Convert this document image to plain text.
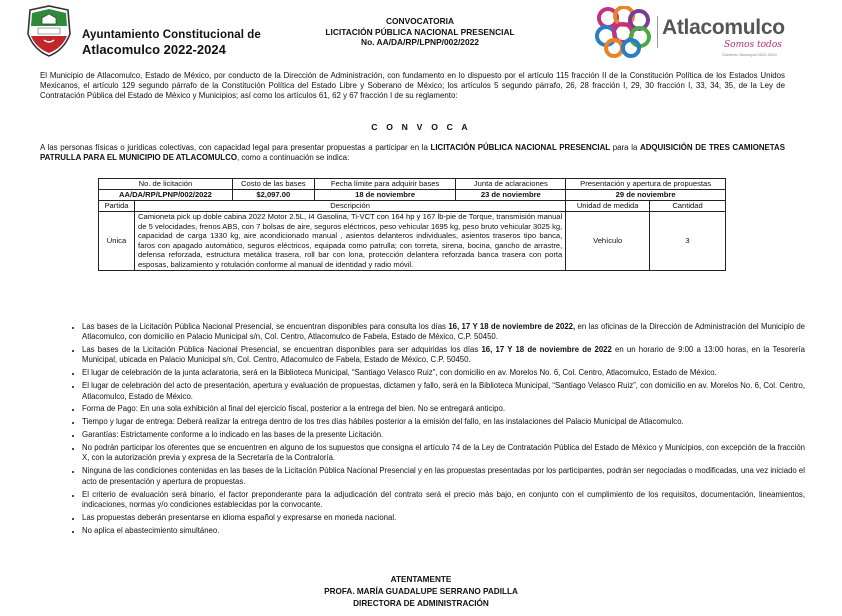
Ayuntamiento Constitucional de
Atlacomulco 2022-2024
CONVOCATORIA
LICITACIÓN PÚBLICA NACIONAL PRESENCIAL
No. AA/DA/RP/LPNP/002/2022
Atlacomulco
Somos todos
Gobierno Municipal 2022-2024
El Municipio de Atlacomulco, Estado de México, por conducto de la Dirección de Administración, con fundamento en lo dispuesto por el artículo 115 fracción II de la Constitución Política de los Estados Unidos Mexicanos, el artículo 129 segundo párrafo de la Constitución Política del Estado Libre y Soberano de México; los artículos 5 segundo párrafo, 26, 28 fracción I, 29, 30 fracción I, 33, 34, 35, de la Ley de Contratación Pública del Estado de México y Municipios; así como los artículos 61, 62 y 67 fracción I de su reglamento:
C O N V O C A
A las personas físicas o jurídicas colectivas, con capacidad legal para presentar propuestas a participar en la LICITACIÓN PÚBLICA NACIONAL PRESENCIAL para la ADQUISICIÓN DE TRES CAMIONETAS PATRULLA PARA EL MUNICIPIO DE ATLACOMULCO, como a continuación se indica:
No. de licitación		Costo de las bases	Fecha límite para adquirir bases	Junta de aclaraciones	Presentación y apertura de propuestas	
AA/DA/RP/LPNP/002/2022		$2,097.00	18 de noviembre	23 de noviembre	29 de noviembre	
Partida	Descripción				Unidad de medida	Cantidad
Única	Camioneta pick up doble cabina 2022 Motor 2.5L, I4 Gasolina, Ti-VCT con 164 hp y 167 lb-pie de Torque, transmisión manual de 5 velocidades, frenos ABS, con 7 bolsas de aire, seguros eléctricos, peso vehicular 1695 kg, peso bruto vehicular 3025 kg, capacidad de carga 1330 kg, aire acondicionado manual , asientos delanteros individuales, asientos traseros tipo banca, faros con apagado automático, seguros eléctricos, equipada como patrulla; con torreta, sirena, bocina, gancho de arrastre, defensa reforzada, estructura metálica trasera, roll bar con lona, protección delantera reforzada banca trasera con porta esposas, balizamiento y rotulación conforme al manual de identidad y radio móvil.				Vehículo	3
• Las bases de la Licitación Pública Nacional Presencial, se encuentran disponibles para consulta los días 16, 17 Y 18 de noviembre de 2022, en las oficinas de la Dirección de Administración del Municipio de Atlacomulco, con domicilio en Palacio Municipal s/n, Col. Centro, Atlacomulco de Fabela, Estado de México, C.P. 50450.
• Las bases de la Licitación Pública Nacional Presencial, se encuentran disponibles para ser adquiridas los días 16, 17 Y 18 de noviembre de 2022 en un horario de 9:00 a 13:00 horas, en la Tesorería Municipal, ubicada en Palacio Municipal s/n, Col. Centro, Atlacomulco de Fabela, Estado de México, C.P. 50450.
• El lugar de celebración de la junta aclaratoria, será en la Biblioteca Municipal, “Santiago Velasco Ruiz”, con domicilio en av. Morelos No. 6, Col. Centro, Atlacomulco, Estado de México.
• El lugar de celebración del acto de presentación, apertura y evaluación de propuestas, dictamen y fallo, será en la Biblioteca Municipal, “Santiago Velasco Ruiz”, con domicilio en av. Morelos No. 6, Col. Centro, Atlacomulco, Estado de México.
• Forma de Pago: En una sola exhibición al final del ejercicio fiscal, posterior a la entrega del bien. No se entregará anticipo.
• Tiempo y lugar de entrega: Deberá realizar la entrega dentro de los tres días hábiles posterior a la emisión del fallo, en las instalaciones del Palacio Municipal de Atlacomulco.
• Garantías: Estrictamente conforme a lo indicado en las bases de la presente Licitación.
• No podrán participar los oferentes que se encuentren en alguno de los supuestos que consigna el artículo 74 de la Ley de Contratación Pública del Estado de México y Municipios, con excepción de la fracción X, con la autorización previa y expresa de la Secretaría de la Contraloría.
• Ninguna de las condiciones contenidas en las bases de la Licitación Pública Nacional Presencial y en las propuestas presentadas por los participantes, podrán ser negociadas o modificadas, una vez iniciado el acto de presentación y apertura de propuestas.
• El criterio de evaluación será binario, el factor preponderante para la adjudicación del contrato será el precio más bajo, en conjunto con el cumplimiento de los requisitos, documentación, lineamientos, indicaciones, normas y/o condiciones establecidas por la convocante.
• Las propuestas deberán presentarse en idioma español y expresarse en moneda nacional.
• No aplica el abastecimiento simultáneo.
ATENTAMENTE
PROFA. MARÍA GUADALUPE SERRANO PADILLA
DIRECTORA DE ADMINISTRACIÓN
